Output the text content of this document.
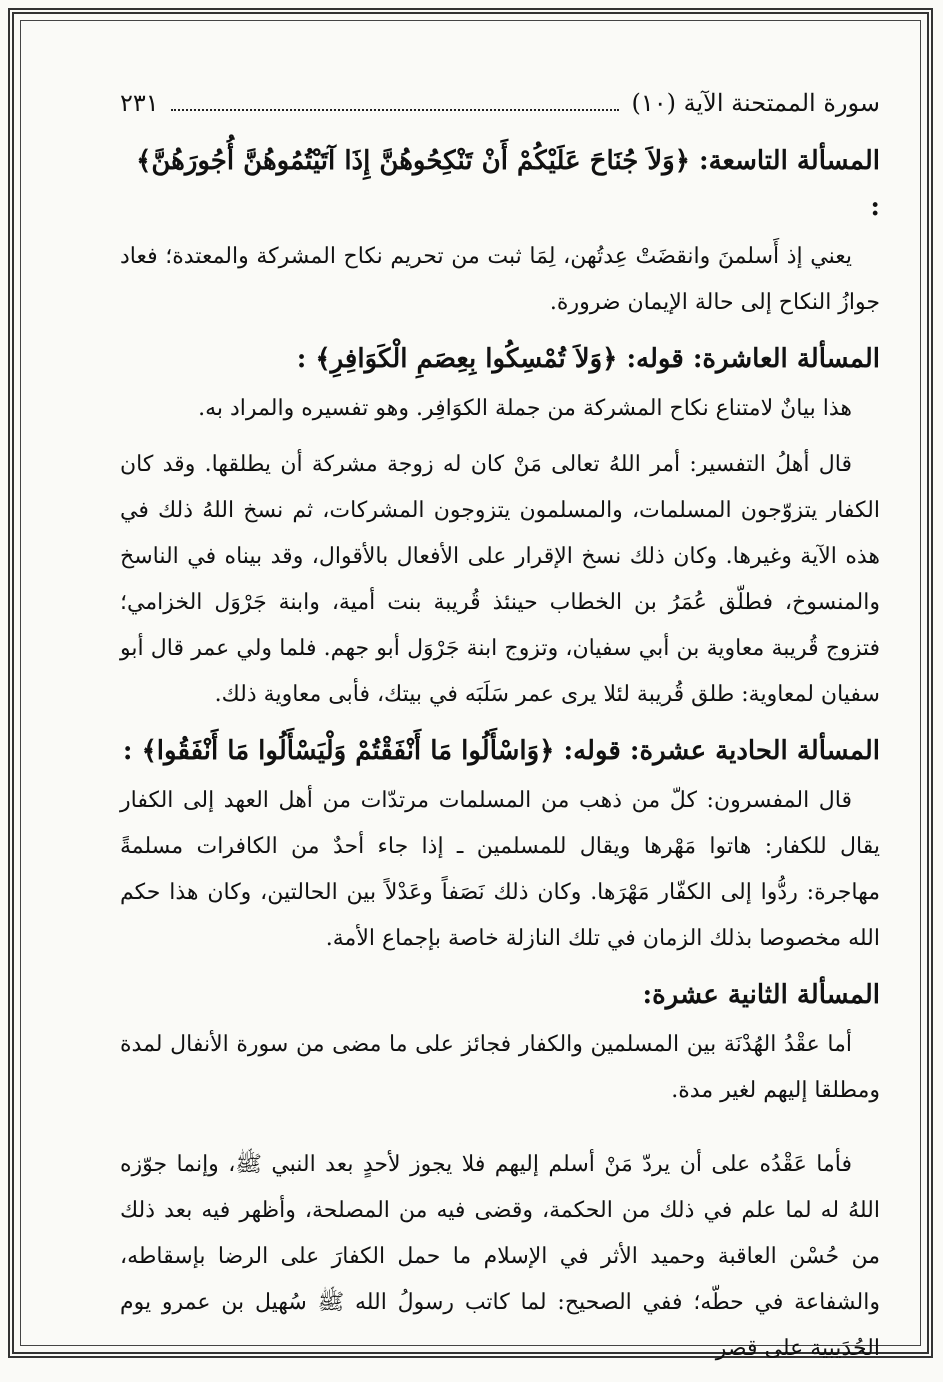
سورة الممتحنة الآية (١٠)
٢٣١
المسألة التاسعة: ﴿وَلاَ جُنَاحَ عَلَيْكُمْ أَنْ تَنْكِحُوهُنَّ إِذَا آتَيْتُمُوهُنَّ أُجُورَهُنَّ﴾ :

يعني إذ أَسلمنَ وانقضَتْ عِدتُهن، لِمَا ثبت من تحريم نكاح المشركة والمعتدة؛ فعاد جوازُ النكاح إلى حالة الإيمان ضرورة.

المسألة العاشرة: قوله: ﴿وَلاَ تُمْسِكُوا بِعِصَمِ الْكَوَافِرِ﴾ :

هذا بيانٌ لامتناع نكاح المشركة من جملة الكوَافِر. وهو تفسيره والمراد به.

قال أهلُ التفسير: أمر اللهُ تعالى مَنْ كان له زوجة مشركة أن يطلقها. وقد كان الكفار يتزوّجون المسلمات، والمسلمون يتزوجون المشركات، ثم نسخ اللهُ ذلك في هذه الآية وغيرها. وكان ذلك نسخ الإقرار على الأفعال بالأقوال، وقد بيناه في الناسخ والمنسوخ، فطلّق عُمَرُ بن الخطاب حينئذ قُريبة بنت أمية، وابنة جَرْوَل الخزامي؛ فتزوج قُريبة معاوية بن أبي سفيان، وتزوج ابنة جَرْوَل أبو جهم. فلما ولي عمر قال أبو سفيان لمعاوية: طلق قُريبة لئلا يرى عمر سَلَبَه في بيتك، فأبى معاوية ذلك.

المسألة الحادية عشرة: قوله: ﴿وَاسْأَلُوا مَا أَنْفَقْتُمْ وَلْيَسْأَلُوا مَا أَنْفَقُوا﴾ :

قال المفسرون: كلّ من ذهب من المسلمات مرتدّات من أهل العهد إلى الكفار يقال للكفار: هاتوا مَهْرها ويقال للمسلمين ـ إذا جاء أحدٌ من الكافرات مسلمةً مهاجرة: ردُّوا إلى الكفّار مَهْرَها. وكان ذلك نَصَفاً وعَدْلاً بين الحالتين، وكان هذا حكم الله مخصوصا بذلك الزمان في تلك النازلة خاصة بإجماع الأمة.

المسألة الثانية عشرة:

أما عقْدُ الهُدْنَة بين المسلمين والكفار فجائز على ما مضى من سورة الأنفال لمدة ومطلقا إليهم لغير مدة.

فأما عَقْدُه على أن يردّ مَنْ أسلم إليهم فلا يجوز لأحدٍ بعد النبي ﷺ، وإنما جوّزه اللهُ له لما علم في ذلك من الحكمة، وقضى فيه من المصلحة، وأظهر فيه بعد ذلك من حُسْن العاقبة وحميد الأثر في الإسلام ما حمل الكفارَ على الرضا بإسقاطه، والشفاعة في حطّه؛ ففي الصحيح: لما كاتب رسولُ الله ﷺ سُهيل بن عمرو يوم الحُدَيبية على قصر
